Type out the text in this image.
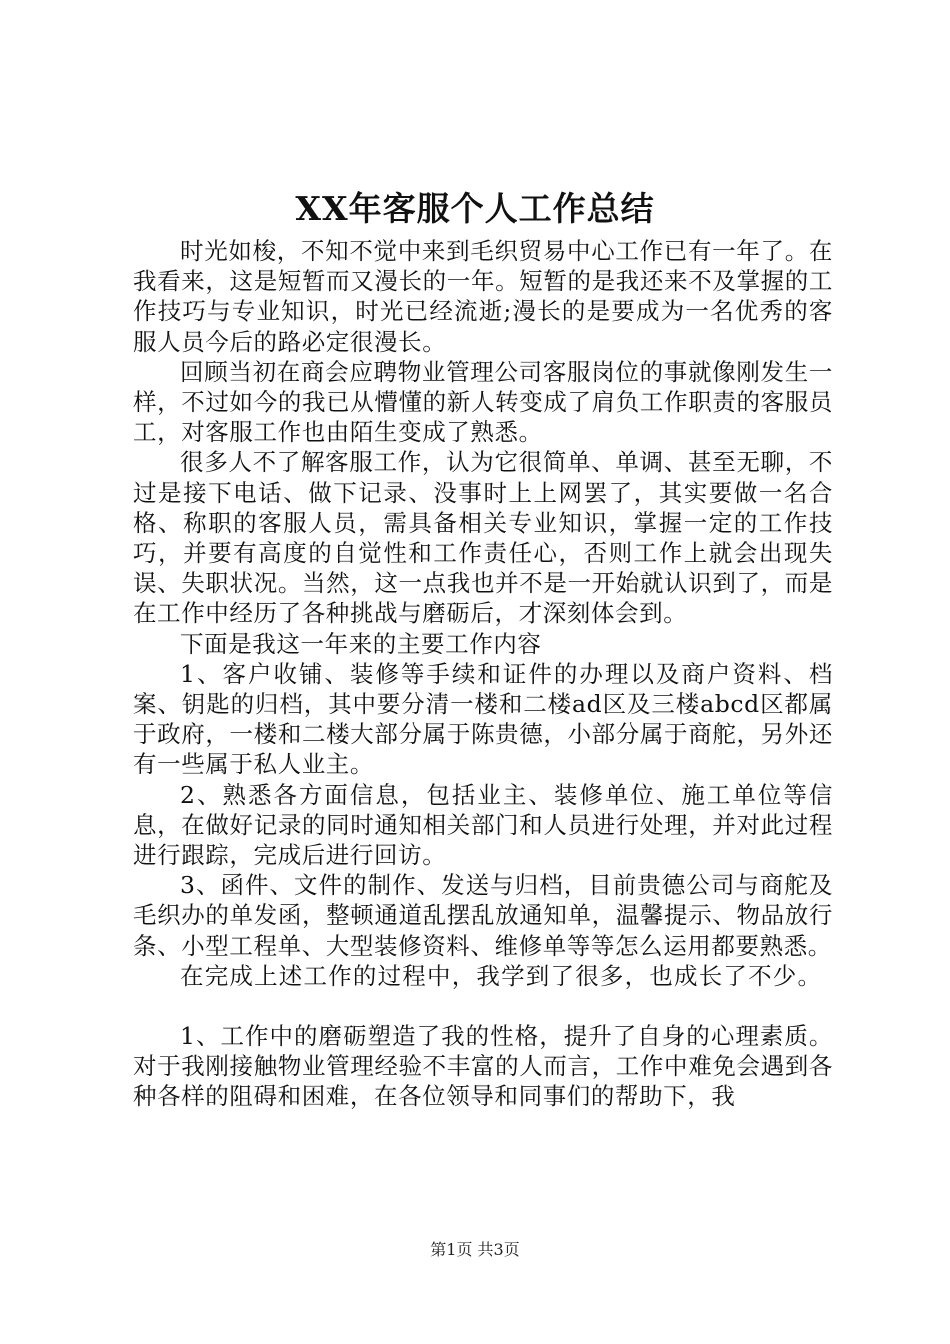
XX年客服个人工作总结

时光如梭，不知不觉中来到毛织贸易中心工作已有一年了。在我看来，这是短暂而又漫长的一年。短暂的是我还来不及掌握的工作技巧与专业知识，时光已经流逝;漫长的是要成为一名优秀的客服人员今后的路必定很漫长。

回顾当初在商会应聘物业管理公司客服岗位的事就像刚发生一样，不过如今的我已从懵懂的新人转变成了肩负工作职责的客服员工，对客服工作也由陌生变成了熟悉。

很多人不了解客服工作，认为它很简单、单调、甚至无聊，不过是接下电话、做下记录、没事时上上网罢了，其实要做一名合格、称职的客服人员，需具备相关专业知识，掌握一定的工作技巧，并要有高度的自觉性和工作责任心，否则工作上就会出现失误、失职状况。当然，这一点我也并不是一开始就认识到了，而是在工作中经历了各种挑战与磨砺后，才深刻体会到。

下面是我这一年来的主要工作内容

1、客户收铺、装修等手续和证件的办理以及商户资料、档案、钥匙的归档，其中要分清一楼和二楼ad区及三楼abcd区都属于政府，一楼和二楼大部分属于陈贵德，小部分属于商舵，另外还有一些属于私人业主。

2、熟悉各方面信息，包括业主、装修单位、施工单位等信息，在做好记录的同时通知相关部门和人员进行处理，并对此过程进行跟踪，完成后进行回访。

3、函件、文件的制作、发送与归档，目前贵德公司与商舵及毛织办的单发函，整顿通道乱摆乱放通知单，温馨提示、物品放行条、小型工程单、大型装修资料、维修单等等怎么运用都要熟悉。

在完成上述工作的过程中，我学到了很多，也成长了不少。

1、工作中的磨砺塑造了我的性格，提升了自身的心理素质。对于我刚接触物业管理经验不丰富的人而言，工作中难免会遇到各种各样的阻碍和困难，在各位领导和同事们的帮助下，我

第1页 共3页
